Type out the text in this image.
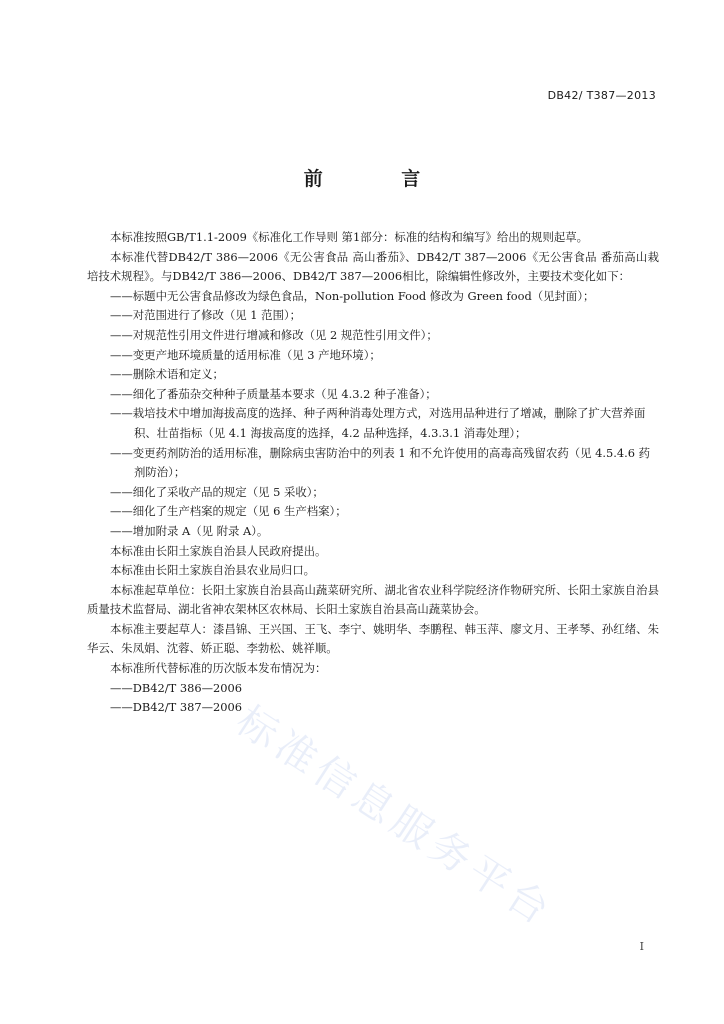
DB42/ T387—2013
前 言

本标准按照GB/T1.1-2009《标准化工作导则 第1部分：标准的结构和编写》给出的规则起草。

本标准代替DB42/T 386—2006《无公害食品 高山番茄》、DB42/T 387—2006《无公害食品 番茄高山栽培技术规程》。与DB42/T 386—2006、DB42/T 387—2006相比，除编辑性修改外，主要技术变化如下：

——标题中无公害食品修改为绿色食品，Non-pollution Food 修改为 Green food（见封面）；

——对范围进行了修改（见 1 范围）；

——对规范性引用文件进行增减和修改（见 2 规范性引用文件）；

——变更产地环境质量的适用标准（见 3 产地环境）；

——删除术语和定义；

——细化了番茄杂交种种子质量基本要求（见 4.3.2 种子准备）；

——栽培技术中增加海拔高度的选择、种子两种消毒处理方式，对选用品种进行了增减，删除了扩大营养面积、壮苗指标（见 4.1 海拔高度的选择，4.2 品种选择，4.3.3.1 消毒处理）；

——变更药剂防治的适用标准，删除病虫害防治中的列表 1 和不允许使用的高毒高残留农药（见 4.5.4.6 药剂防治）；

——细化了采收产品的规定（见 5 采收）；

——细化了生产档案的规定（见 6 生产档案）；

——增加附录 A（见 附录 A）。

本标准由长阳土家族自治县人民政府提出。

本标准由长阳土家族自治县农业局归口。

本标准起草单位：长阳土家族自治县高山蔬菜研究所、湖北省农业科学院经济作物研究所、长阳土家族自治县质量技术监督局、湖北省神农架林区农林局、长阳土家族自治县高山蔬菜协会。

本标准主要起草人：漆昌锦、王兴国、王飞、李宁、姚明华、李鹏程、韩玉萍、廖文月、王孝琴、孙红绪、朱华云、朱凤娟、沈蓉、娇正聪、李勃松、姚祥顺。

本标准所代替标准的历次版本发布情况为：

——DB42/T 386—2006

——DB42/T 387—2006

标准信息服务平台
I
